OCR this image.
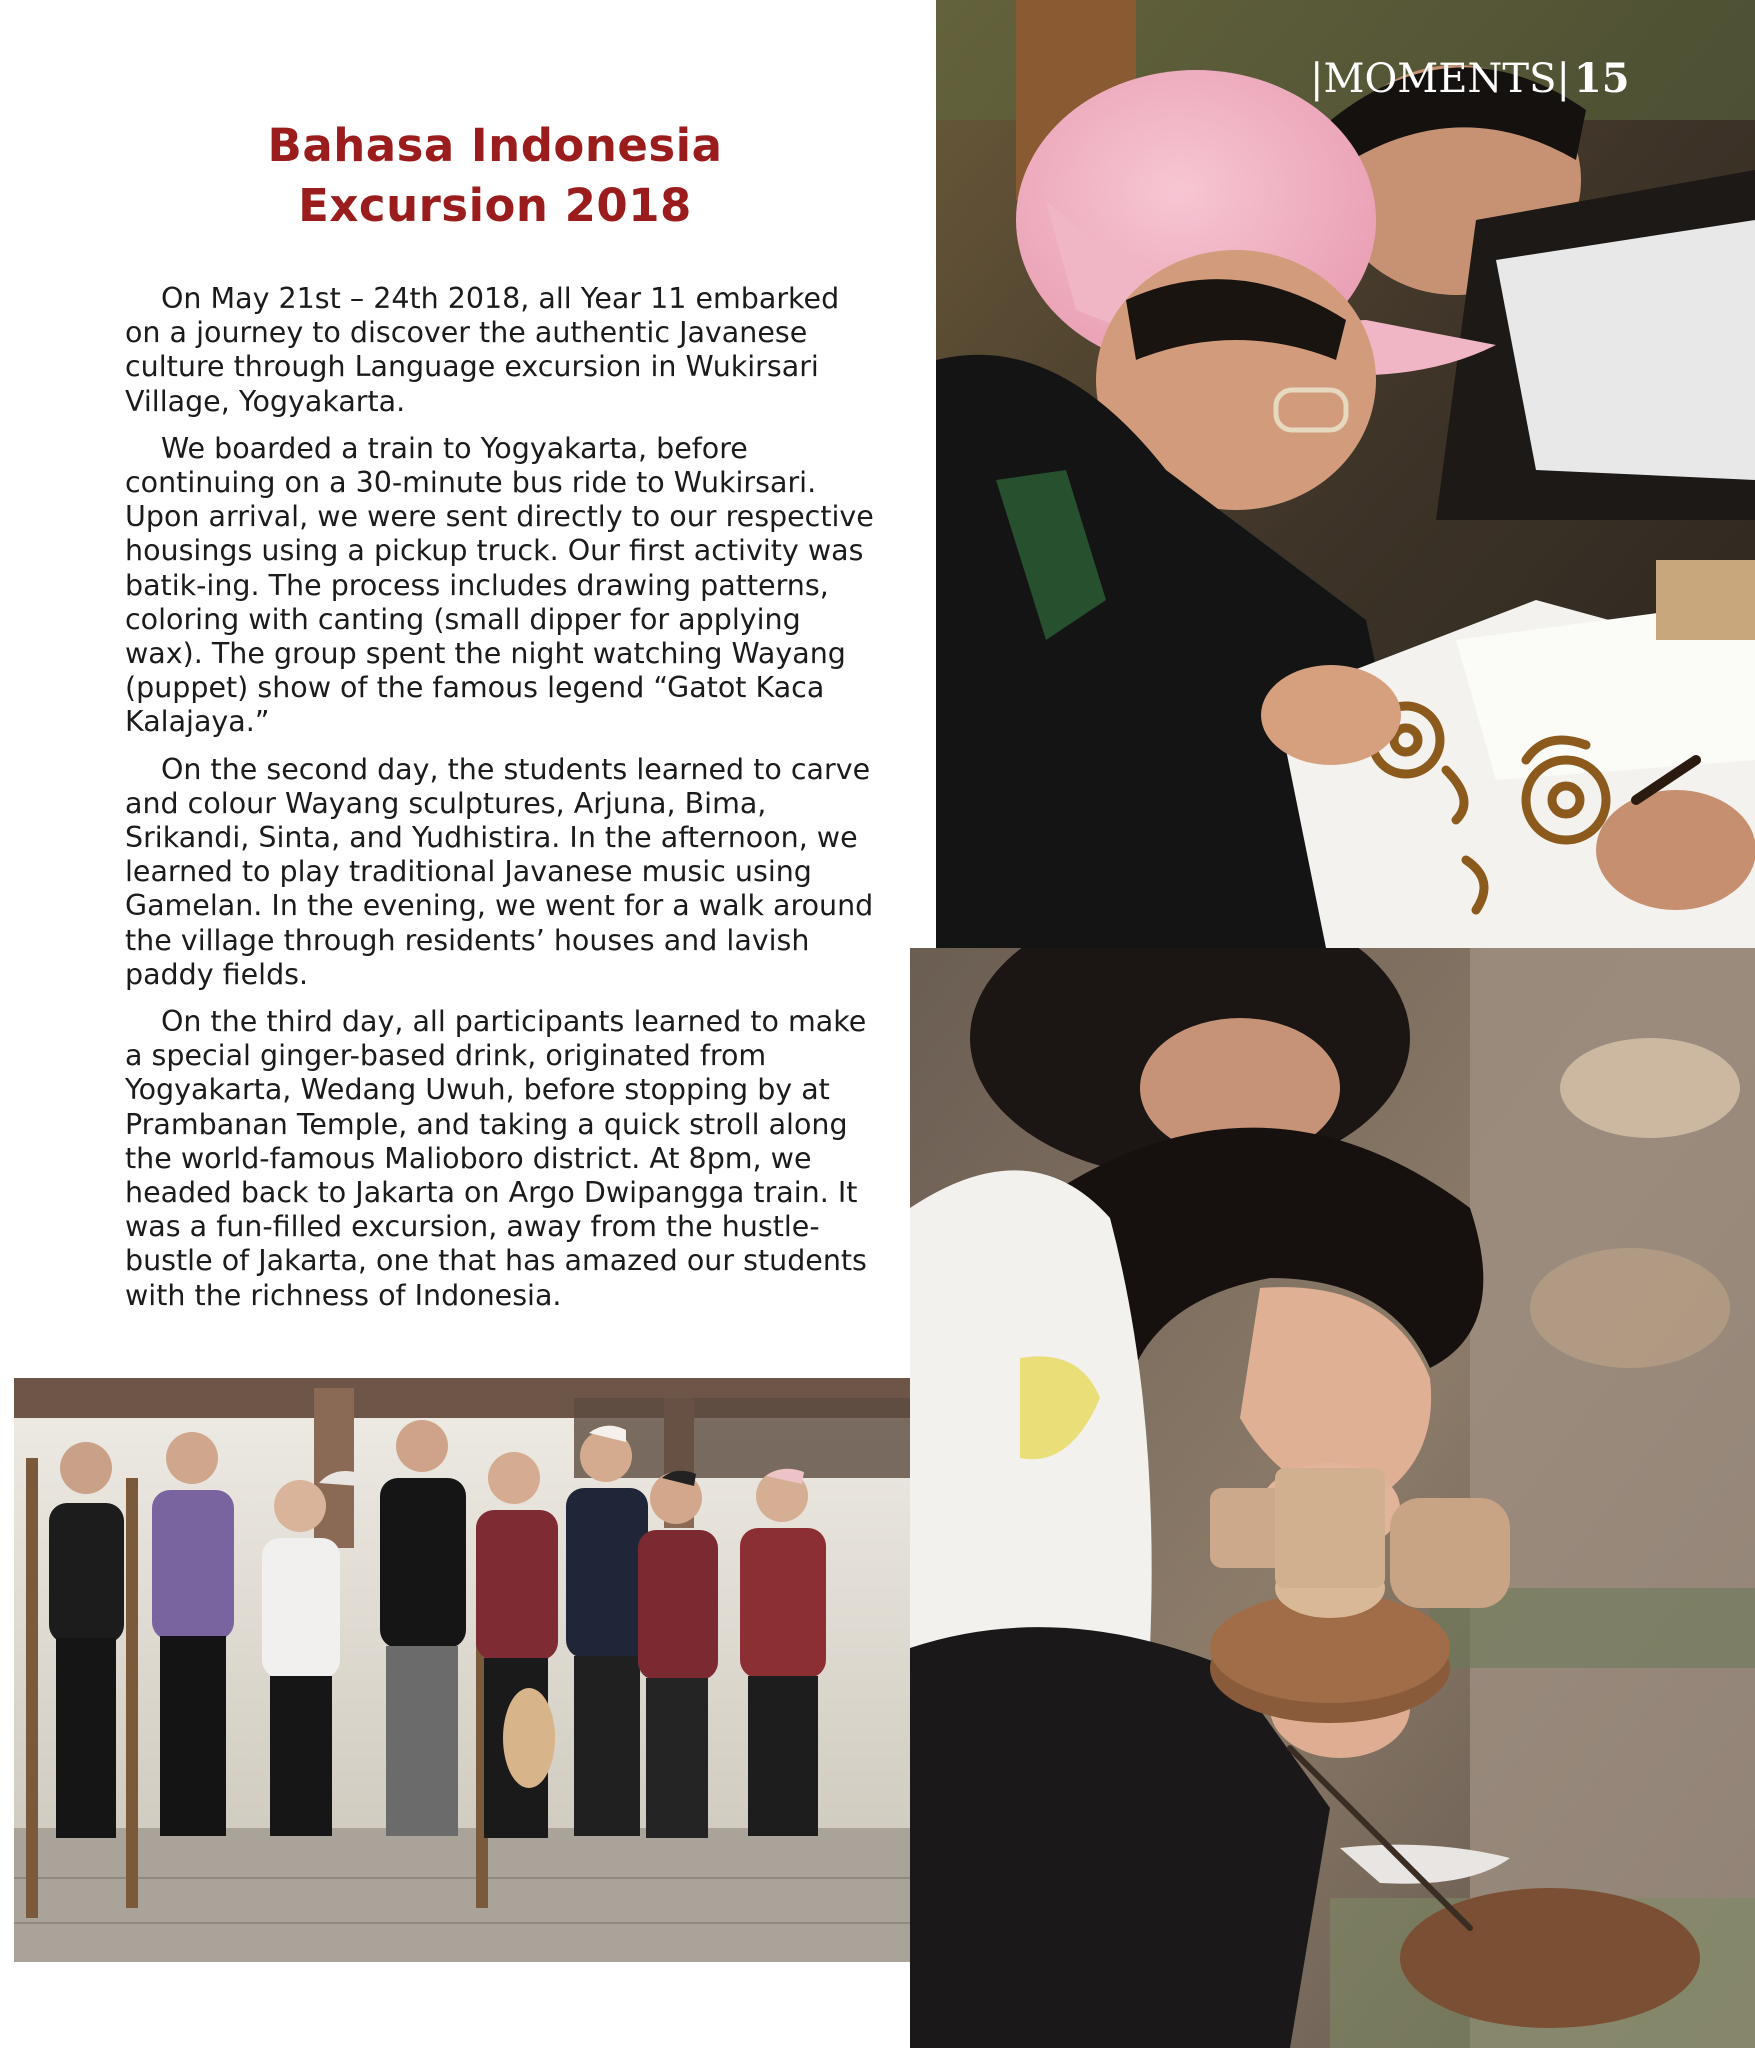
Bahasa Indonesia
Excursion 2018

On May 21st – 24th 2018, all Year 11 embarked on a journey to discover the authentic Javanese culture through Language excursion in Wukirsari Village, Yogyakarta.

We boarded a train to Yogyakarta, before continuing on a 30-minute bus ride to Wukirsari. Upon arrival, we were sent directly to our respective housings using a pickup truck. Our first activity was batik-ing. The process includes drawing patterns, coloring with canting (small dipper for applying wax). The group spent the night watching Wayang (puppet) show of the famous legend “Gatot Kaca Kalajaya.”

On the second day, the students learned to carve and colour Wayang sculptures, Arjuna, Bima, Srikandi, Sinta, and Yudhistira. In the afternoon, we learned to play traditional Javanese music using Gamelan. In the evening, we went for a walk around the village through residents’ houses and lavish paddy fields.

On the third day, all participants learned to make a special ginger-based drink, originated from Yogyakarta, Wedang Uwuh, before stopping by at Prambanan Temple, and taking a quick stroll along the world-famous Malioboro district. At 8pm, we headed back to Jakarta on Argo Dwipangga train. It was a fun-filled excursion, away from the hustle-bustle of Jakarta, one that has amazed our students with the richness of Indonesia.

|MOMENTS| 15
